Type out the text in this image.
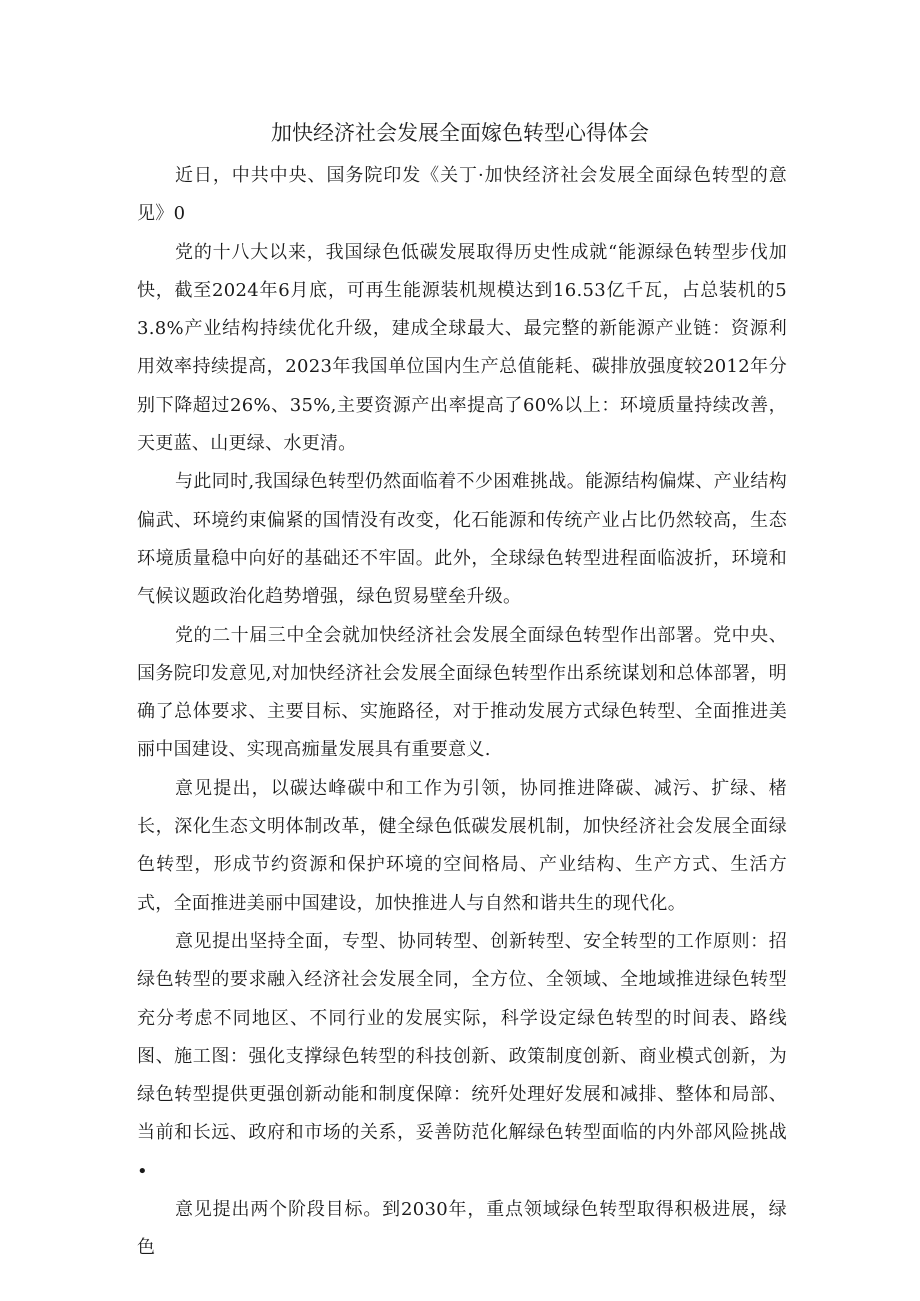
加快经济社会发展全面嫁色转型心得体会

近日，中共中央、国务院印发《关丁·加快经济社会发展全面绿色转型的意见》0

党的十八大以来，我国绿色低碳发展取得历史性成就“能源绿色转型步伐加快，截至2024年6月底，可再生能源装机规模达到16.53亿千瓦，占总装机的53.8%产业结构持续优化升级，建成全球最大、最完整的新能源产业链：资源利用效率持续提高，2023年我国单位国内生产总值能耗、碳排放强度较2012年分别下降超过26%、35%,主要资源产出率提高了60%以上：环境质量持续改善，天更蓝、山更绿、水更清。

与此同时,我国绿色转型仍然面临着不少困难挑战。能源结构偏煤、产业结构偏武、环境约束偏紧的国情没有改变，化石能源和传统产业占比仍然较高，生态环境质量稳中向好的基础还不牢固。此外，全球绿色转型进程面临波折，环境和气候议题政治化趋势增强，绿色贸易壁垒升级。

党的二十届三中全会就加快经济社会发展全面绿色转型作出部署。党中央、国务院印发意见,对加快经济社会发展全面绿色转型作出系统谋划和总体部署，明确了总体要求、主要目标、实施路径，对于推动发展方式绿色转型、全面推进美丽中国建设、实现高痂量发展具有重要意义.

意见提出，以碳达峰碳中和工作为引领，协同推进降碳、减污、扩绿、楮长，深化生态文明体制改革，健全绿色低碳发展机制，加快经济社会发展全面绿色转型，形成节约资源和保护环境的空间格局、产业结构、生产方式、生活方式，全面推进美丽中国建设，加快推进人与自然和谐共生的现代化。

意见提出坚持全面，专型、协同转型、创新转型、安全转型的工作原则：招绿色转型的要求融入经济社会发展全同，全方位、全领域、全地域推进绿色转型充分考虑不同地区、不同行业的发展实际，科学设定绿色转型的时间表、路线图、施工图：强化支撑绿色转型的科技创新、政策制度创新、商业模式创新，为绿色转型提供更强创新动能和制度保障：统歼处理好发展和减排、整体和局部、当前和长远、政府和市场的关系，妥善防范化解绿色转型面临的内外部风险挑战•

意见提出两个阶段目标。到2030年，重点领域绿色转型取得积极进展，绿色
